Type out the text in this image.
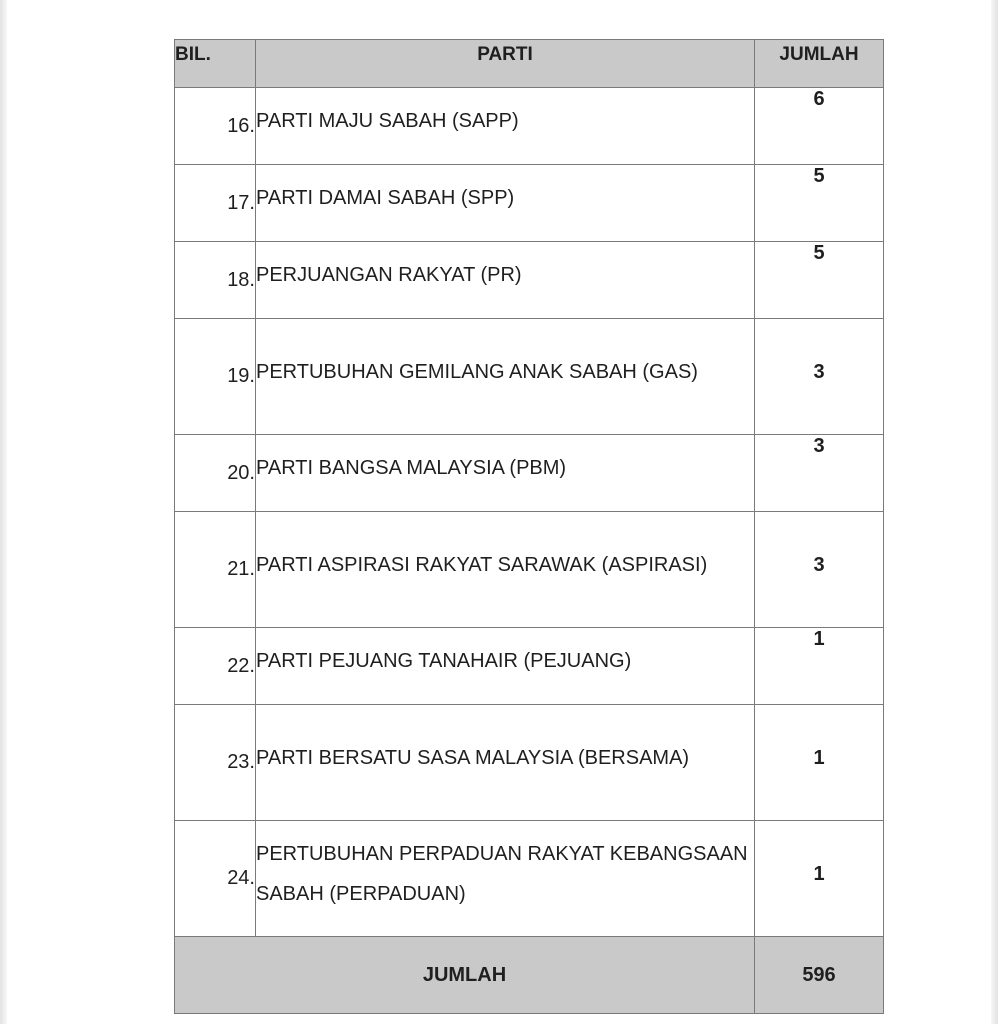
BIL.	PARTI	JUMLAH
16.	PARTI MAJU SABAH (SAPP)	6
17.	PARTI DAMAI SABAH (SPP)	5
18.	PERJUANGAN RAKYAT (PR)	5
19.	PERTUBUHAN GEMILANG ANAK SABAH (GAS)	3
20.	PARTI BANGSA MALAYSIA (PBM)	3
21.	PARTI ASPIRASI RAKYAT SARAWAK (ASPIRASI)	3
22.	PARTI PEJUANG TANAHAIR (PEJUANG)	1
23.	PARTI BERSATU SASA MALAYSIA (BERSAMA)	1
24.	PERTUBUHAN PERPADUAN RAKYAT KEBANGSAAN SABAH (PERPADUAN)	1
JUMLAH		596
